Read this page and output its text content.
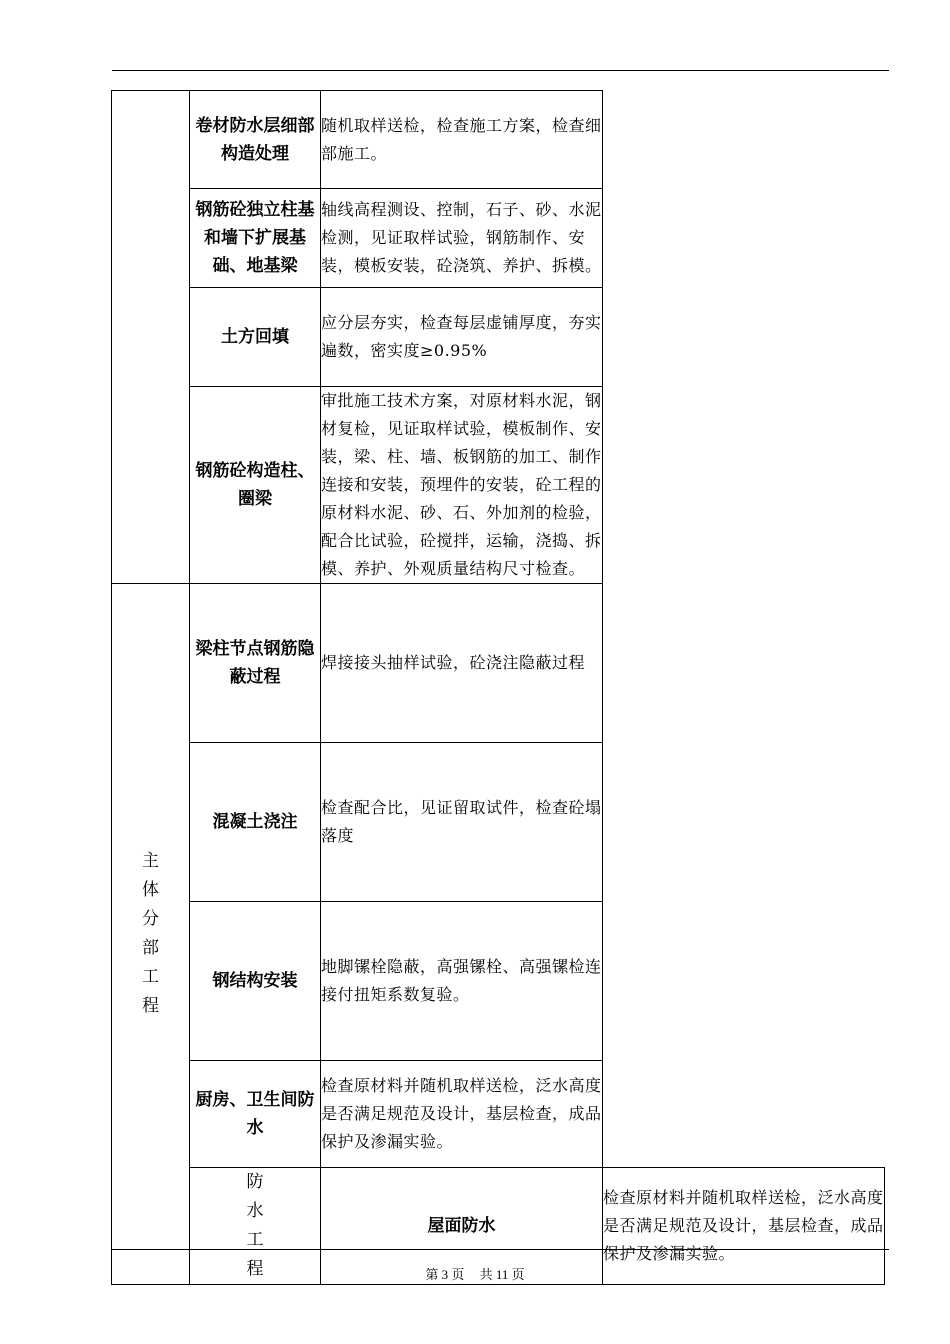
	卷材防水层细部构造处理	随机取样送检，检查施工方案，检查细部施工。	
	钢筋砼独立柱基和墙下扩展基础、地基梁	轴线高程测设、控制，石子、砂、水泥检测，见证取样试验，钢筋制作、安装，模板安装，砼浇筑、养护、拆模。	
	土方回填	应分层夯实，检查每层虚铺厚度，夯实遍数，密实度≥0.95%	
	钢筋砼构造柱、圈梁	审批施工技术方案，对原材料水泥，钢材复检，见证取样试验，模板制作、安装，梁、柱、墙、板钢筋的加工、制作连接和安装，预埋件的安装，砼工程的原材料水泥、砂、石、外加剂的检验，配合比试验，砼搅拌，运输，浇捣、拆模、养护、外观质量结构尺寸检查。	
主体分部工程	梁柱节点钢筋隐蔽过程	焊接接头抽样试验，砼浇注隐蔽过程	
	混凝土浇注	检查配合比，见证留取试件，检查砼塌落度	
	钢结构安装	地脚镙栓隐蔽，高强镙栓、高强镙检连接付扭矩系数复验。	
	厨房、卫生间防水	检查原材料并随机取样送检，泛水高度是否满足规范及设计，基层检查，成品保护及渗漏实验。	
	防水工程	屋面防水	检查原材料并随机取样送检，泛水高度是否满足规范及设计，基层检查，成品保护及渗漏实验。
第 3 页 共 11 页
